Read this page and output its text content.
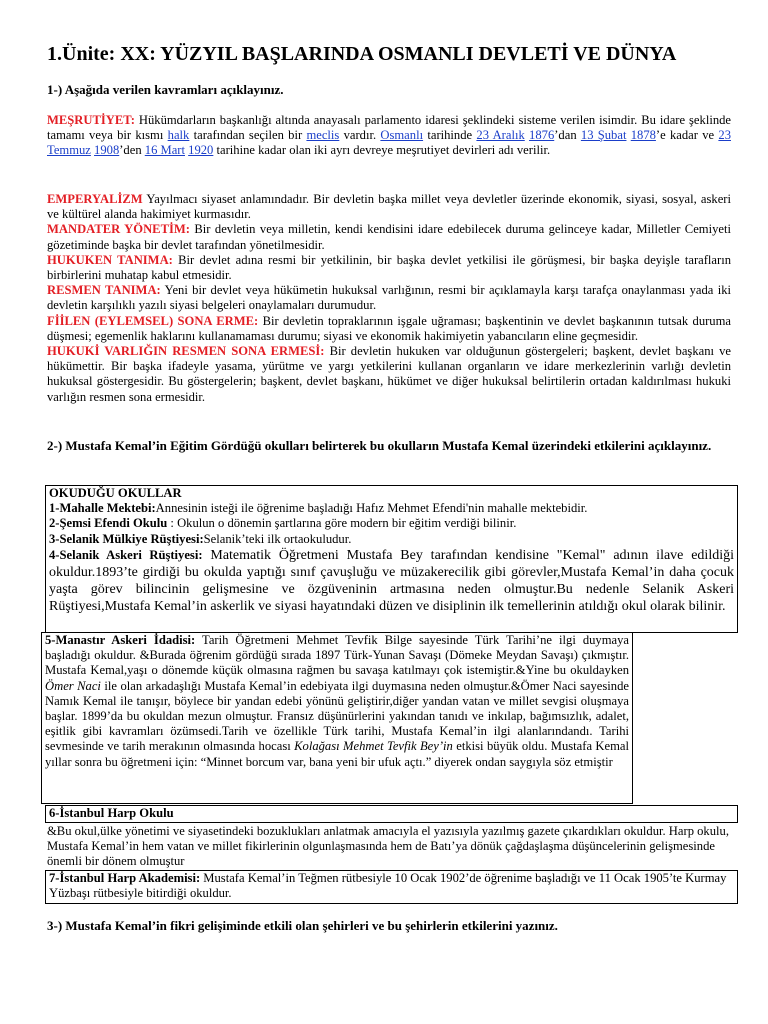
1.Ünite: XX: YÜZYIL BAŞLARINDA OSMANLI DEVLETİ VE DÜNYA
1-) Aşağıda verilen kavramları açıklayınız.
MEŞRUTİYET: Hükümdarların başkanlığı altında anayasalı parlamento idaresi şeklindeki sisteme verilen isimdir. Bu idare şeklinde tamamı veya bir kısmı halk tarafından seçilen bir meclis vardır. Osmanlı tarihinde 23 Aralık 1876’dan 13 Şubat 1878’e kadar ve 23 Temmuz 1908’den 16 Mart 1920 tarihine kadar olan iki ayrı devreye meşrutiyet devirleri adı verilir.
EMPERYALİZM Yayılmacı siyaset anlamındadır. Bir devletin başka millet veya devletler üzerinde ekonomik, siyasi, sosyal, askeri ve kültürel alanda hakimiyet kurmasıdır.
MANDATER YÖNETİM: Bir devletin veya milletin, kendi kendisini idare edebilecek duruma gelinceye kadar, Milletler Cemiyeti gözetiminde başka bir devlet tarafından yönetilmesidir.
HUKUKEN TANIMA: Bir devlet adına resmi bir yetkilinin, bir başka devlet yetkilisi ile görüşmesi, bir başka deyişle tarafların birbirlerini muhatap kabul etmesidir.
RESMEN TANIMA: Yeni bir devlet veya hükümetin hukuksal varlığının, resmi bir açıklamayla karşı tarafça onaylanması yada iki devletin karşılıklı yazılı siyasi belgeleri onaylamaları durumudur.
FİİLEN (EYLEMSEL) SONA ERME: Bir devletin topraklarının işgale uğraması; başkentinin ve devlet başkanının tutsak duruma düşmesi; egemenlik haklarını kullanamaması durumu; siyasi ve ekonomik hakimiyetin yabancıların eline geçmesidir.
HUKUKİ VARLIĞIN RESMEN SONA ERMESİ: Bir devletin hukuken var olduğunun göstergeleri; başkent, devlet başkanı ve hükümettir. Bir başka ifadeyle yasama, yürütme ve yargı yetkilerini kullanan organların ve idare merkezlerinin varlığı devletin hukuksal göstergesidir. Bu göstergelerin; başkent, devlet başkanı, hükümet ve diğer hukuksal belirtilerin ortadan kaldırılması hukuki varlığın resmen sona ermesidir.
2-) Mustafa Kemal’in Eğitim Gördüğü okulları belirterek bu okulların Mustafa Kemal üzerindeki etkilerini açıklayınız.
OKUDUĞU OKULLAR
1-Mahalle Mektebi:Annesinin isteği ile öğrenime başladığı Hafız Mehmet Efendi'nin mahalle mektebidir.
2-Şemsi Efendi Okulu : Okulun o dönemin şartlarına göre modern bir eğitim verdiği bilinir.
3-Selanik Mülkiye Rüştiyesi:Selanik’teki ilk ortaokuludur.
4-Selanik Askeri Rüştiyesi: Matematik Öğretmeni Mustafa Bey tarafından kendisine "Kemal" adının ilave edildiği okuldur.1893’te girdiği bu okulda yaptığı sınıf çavuşluğu ve müzakerecilik gibi görevler,Mustafa Kemal’in daha çocuk yaşta görev bilincinin gelişmesine ve özgüveninin artmasına neden olmuştur.Bu nedenle Selanik Askeri Rüştiyesi,Mustafa Kemal’in askerlik ve siyasi hayatındaki düzen ve disiplinin ilk temellerinin atıldığı okul olarak bilinir.
5-Manastır Askeri İdadisi: Tarih Öğretmeni Mehmet Tevfik Bilge sayesinde Türk Tarihi’ne ilgi duymaya başladığı okuldur. &Burada öğrenim gördüğü sırada 1897 Türk-Yunan Savaşı (Dömeke Meydan Savaşı) çıkmıştır. Mustafa Kemal,yaşı o dönemde küçük olmasına rağmen bu savaşa katılmayı çok istemiştir.&Yine bu okuldayken Ömer Naci ile olan arkadaşlığı Mustafa Kemal’in edebiyata ilgi duymasına neden olmuştur.&Ömer Naci sayesinde Namık Kemal ile tanışır, böylece bir yandan edebi yönünü geliştirir,diğer yandan vatan ve millet sevgisi oluşmaya başlar. 1899’da bu okuldan mezun olmuştur. Fransız düşünürlerini yakından tanıdı ve inkılap, bağımsızlık, adalet, eşitlik gibi kavramları özümsedi.Tarih ve özellikle Türk tarihi, Mustafa Kemal’in ilgi alanlarındandı. Tarihi sevmesinde ve tarih merakının olmasında hocası Kolağası Mehmet Tevfik Bey’in etkisi büyük oldu. Mustafa Kemal yıllar sonra bu öğretmeni için: “Minnet borcum var, bana yeni bir ufuk açtı.” diyerek ondan saygıyla söz etmiştir
6-İstanbul Harp Okulu
&Bu okul,ülke yönetimi ve siyasetindeki bozuklukları anlatmak amacıyla el yazısıyla yazılmış gazete çıkardıkları okuldur. Harp okulu, Mustafa Kemal’in hem vatan ve millet fikirlerinin olgunlaşmasında hem de Batı’ya dönük çağdaşlaşma düşüncelerinin gelişmesinde önemli bir dönem olmuştur
7-İstanbul Harp Akademisi: Mustafa Kemal’in Teğmen rütbesiyle 10 Ocak 1902’de öğrenime başladığı ve 11 Ocak 1905’te Kurmay Yüzbaşı rütbesiyle bitirdiği okuldur.
3-) Mustafa Kemal’in fikri gelişiminde etkili olan şehirleri ve bu şehirlerin etkilerini yazınız.
